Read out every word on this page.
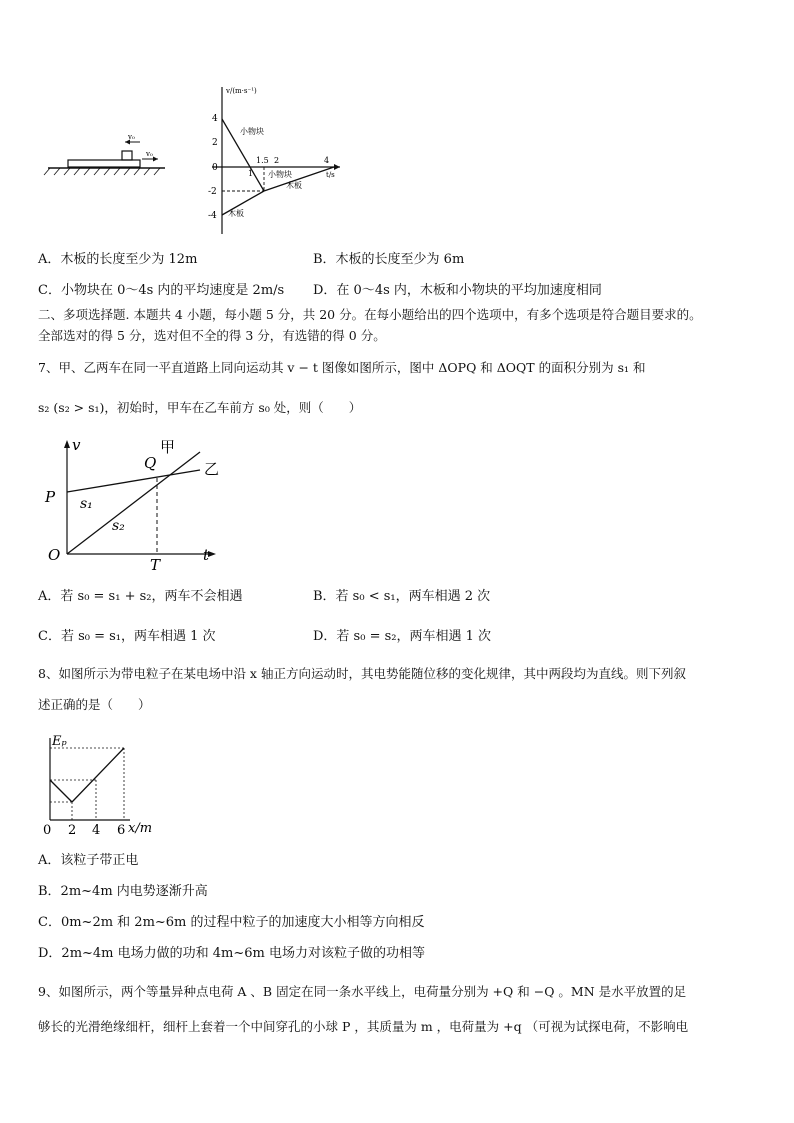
v₀
v₀
v/(m·s⁻¹)
t/s
4
2
0
-2
-4
1
1.5 2	4
小物块
小物块
木板
木板
A．木板的长度至少为 12m	B．木板的长度至少为 6m
C．小物块在 0～4s 内的平均速度是 2m/s D．在 0～4s 内，木板和小物块的平均加速度相同
二、多项选择题. 本题共 4 小题，每小题 5 分，共 20 分。在每小题给出的四个选项中，有多个选项是符合题目要求的。
全部选对的得 5 分，选对但不全的得 3 分，有选错的得 0 分。
7、甲、乙两车在同一平直道路上同向运动其 v − t 图像如图所示，图中 ΔOPQ 和 ΔOQT 的面积分别为 s₁ 和
s₂ (s₂ > s₁)，初始时，甲车在乙车前方 s₀ 处，则（　　）
v
t
P
O
Q
T
甲
乙
s₁
s₂
A．若 s₀ = s₁ + s₂，两车不会相遇	B．若 s₀ < s₁，两车相遇 2 次
C．若 s₀ = s₁，两车相遇 1 次	D．若 s₀ = s₂，两车相遇 1 次
8、如图所示为带电粒子在某电场中沿 x 轴正方向运动时，其电势能随位移的变化规律，其中两段均为直线。则下列叙
述正确的是（　　）
Eₚ
0 2 4 6 x/m
A．该粒子带正电
B．2m~4m 内电势逐渐升高
C．0m~2m 和 2m~6m 的过程中粒子的加速度大小相等方向相反
D．2m~4m 电场力做的功和 4m~6m 电场力对该粒子做的功相等
9、如图所示，两个等量异种点电荷 A 、B 固定在同一条水平线上，电荷量分别为 +Q 和 −Q 。MN 是水平放置的足
够长的光滑绝缘细杆，细杆上套着一个中间穿孔的小球 P ，其质量为 m ，电荷量为 +q （可视为试探电荷，不影响电
